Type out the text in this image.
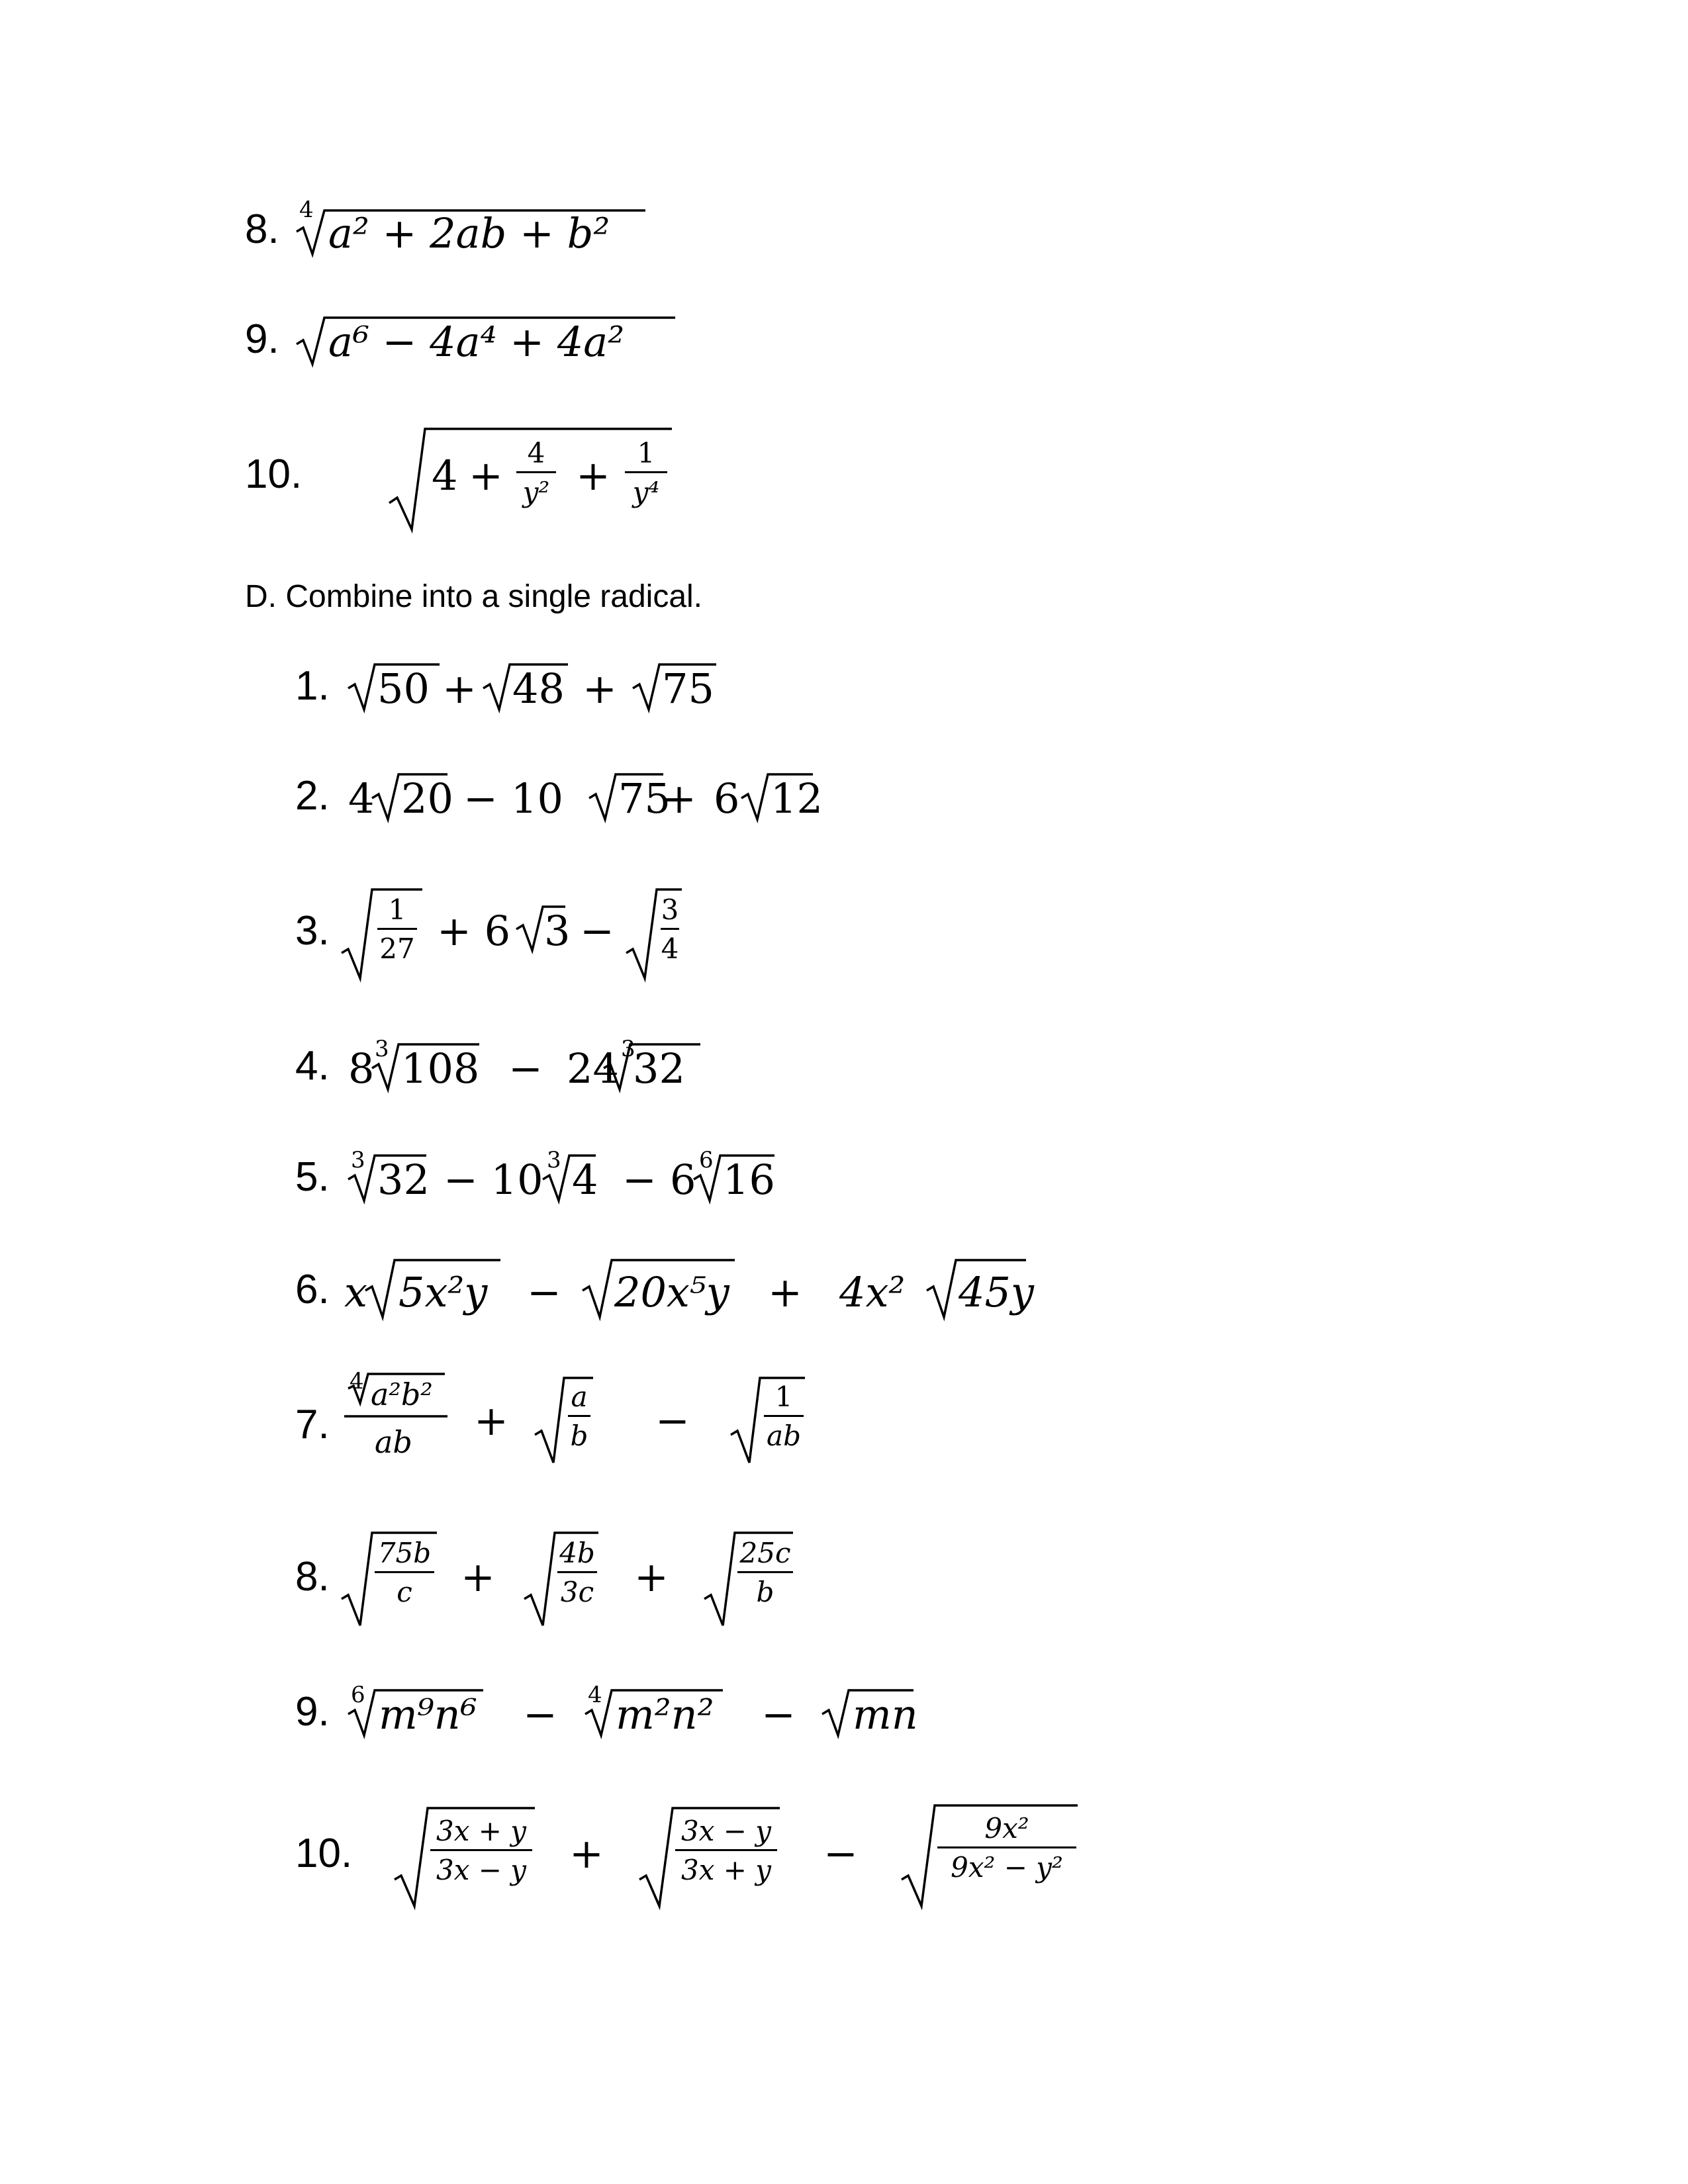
8. 4 a² + 2ab + b²
9. a⁶ − 4a⁴ + 4a²
10.	4 + 4
y² + 1
y⁴
D. Combine into a single radical.
1. 50 + 48 + 75
2. 4 20 − 10 75
+ 6 12
3.	1
27 + 6 3 − 3
4
4. 8 3 108 − 24 3
32
5. 3 32 − 10 3 4 − 6 6 16
6. x 5x²y − 20x⁵y + 4x² 45y
7.
4 a²b²
ab + a
b −	1
ab
8.
75b
c	+ 4b
3c +	25c
b
9. 6 m⁹n⁶ − 4 m²n² − mn
10.	3x + y
3x − y +	3x − y
3x + y −
9x²
9x² − y²
